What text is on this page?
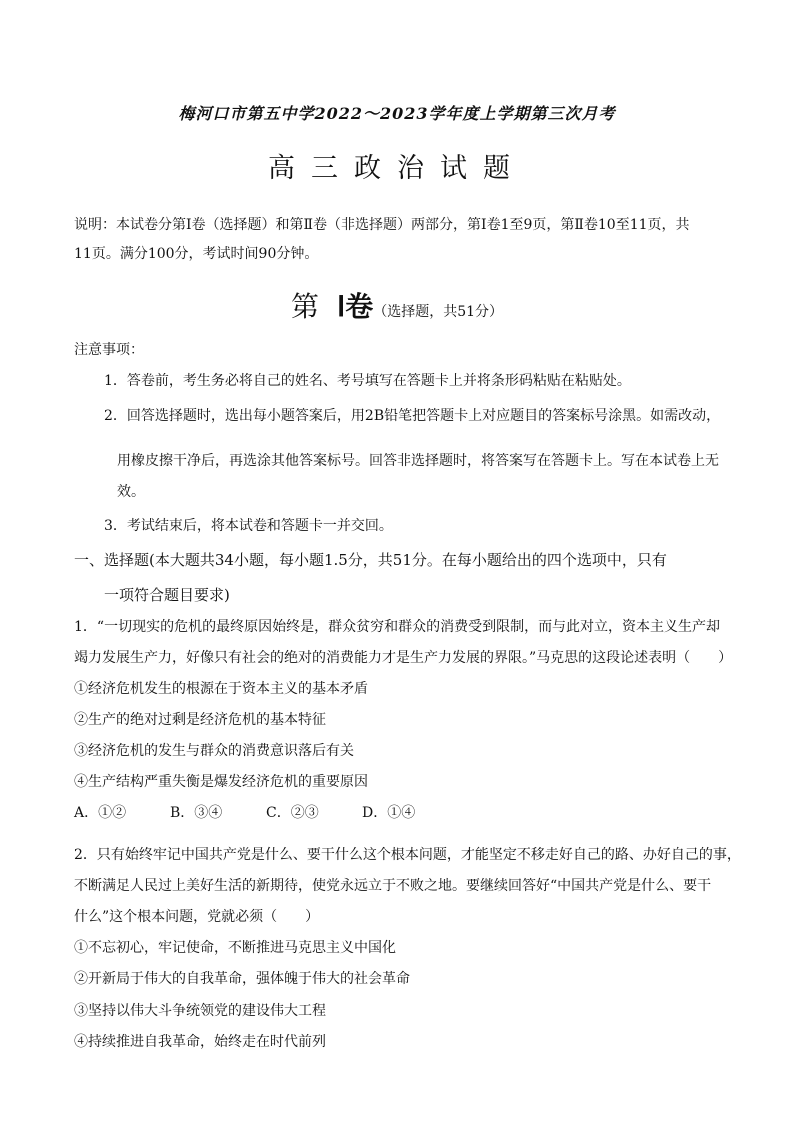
梅河口市第五中学2022～2023学年度上学期第三次月考
高三政治试题
说明：本试卷分第Ⅰ卷（选择题）和第Ⅱ卷（非选择题）两部分，第Ⅰ卷1至9页，第Ⅱ卷10至11页，共
11页。满分100分，考试时间90分钟。
第 Ⅰ卷（选择题，共51分）
注意事项：
1．答卷前，考生务必将自己的姓名、考号填写在答题卡上并将条形码粘贴在粘贴处。
2．回答选择题时，选出每小题答案后，用2B铅笔把答题卡上对应题目的答案标号涂黑。如需改动，
用橡皮擦干净后，再选涂其他答案标号。回答非选择题时，将答案写在答题卡上。写在本试卷上无
效。
3．考试结束后，将本试卷和答题卡一并交回。
一、选择题(本大题共34小题，每小题1.5分，共51分。在每小题给出的四个选项中，只有
一项符合题目要求)
1．“一切现实的危机的最终原因始终是，群众贫穷和群众的消费受到限制，而与此对立，资本主义生产却
竭力发展生产力，好像只有社会的绝对的消费能力才是生产力发展的界限。”马克思的这段论述表明（　　）
①经济危机发生的根源在于资本主义的基本矛盾
②生产的绝对过剩是经济危机的基本特征
③经济危机的发生与群众的消费意识落后有关
④生产结构严重失衡是爆发经济危机的重要原因
A．①②	B．③④	C．②③	D．①④
2．只有始终牢记中国共产党是什么、要干什么这个根本问题，才能坚定不移走好自己的路、办好自己的事，
不断满足人民过上美好生活的新期待，使党永远立于不败之地。要继续回答好“中国共产党是什么、要干
什么”这个根本问题，党就必须（　　）
①不忘初心，牢记使命，不断推进马克思主义中国化
②开新局于伟大的自我革命，强体魄于伟大的社会革命
③坚持以伟大斗争统领党的建设伟大工程
④持续推进自我革命，始终走在时代前列
